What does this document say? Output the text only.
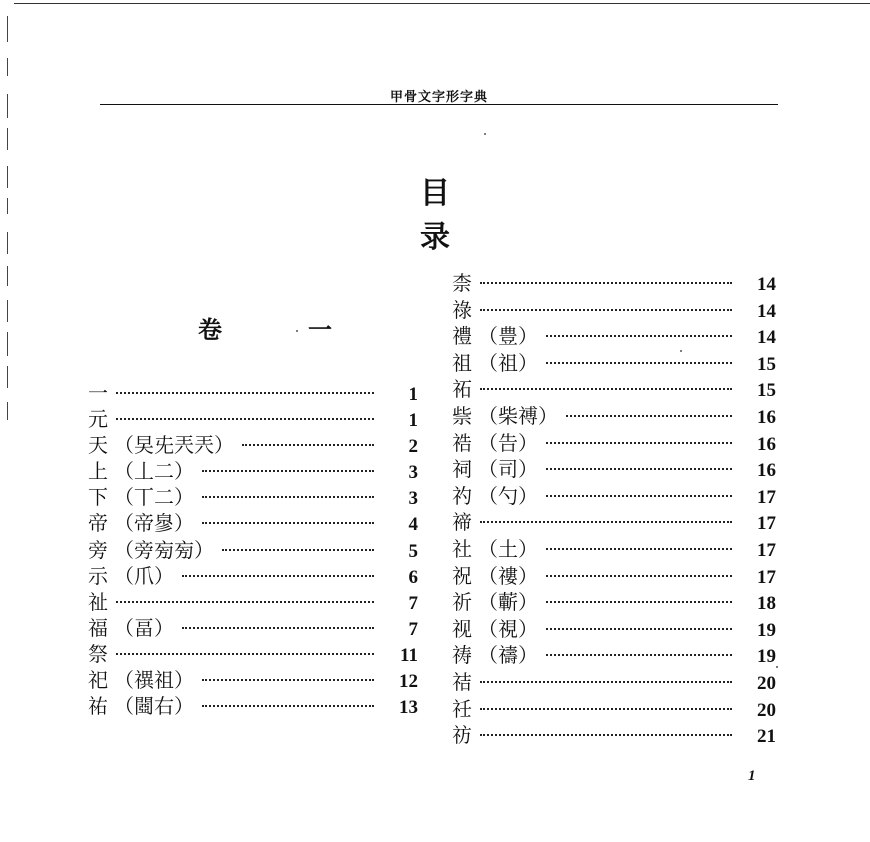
甲骨文字形字典
目录
卷	一
一	1
元	1
天 （旲兂兲兲）	2
上 （丄二）	3
下 （丅二）	3
帝 （帝㣎）	4
旁 （旁㫄㫄）	5
示 （爪）	6
祉	7
福 （畐）	7
祭	11
祀 （禩祖）	12
祐 （閸右）	13
柰	14
祿	14
禮 （豊）	14
祖 （祖）	15
祏	15
祡 （柴禣）	16
祰 （告）	16
祠 （司）	16
礿 （勺）	17
禘	17
社 （土）	17
祝 （䄛）	17
祈 （蘄）	18
视 （視）	19
祷 （禱）	19
祮	20
祍	20
祊	21
1
